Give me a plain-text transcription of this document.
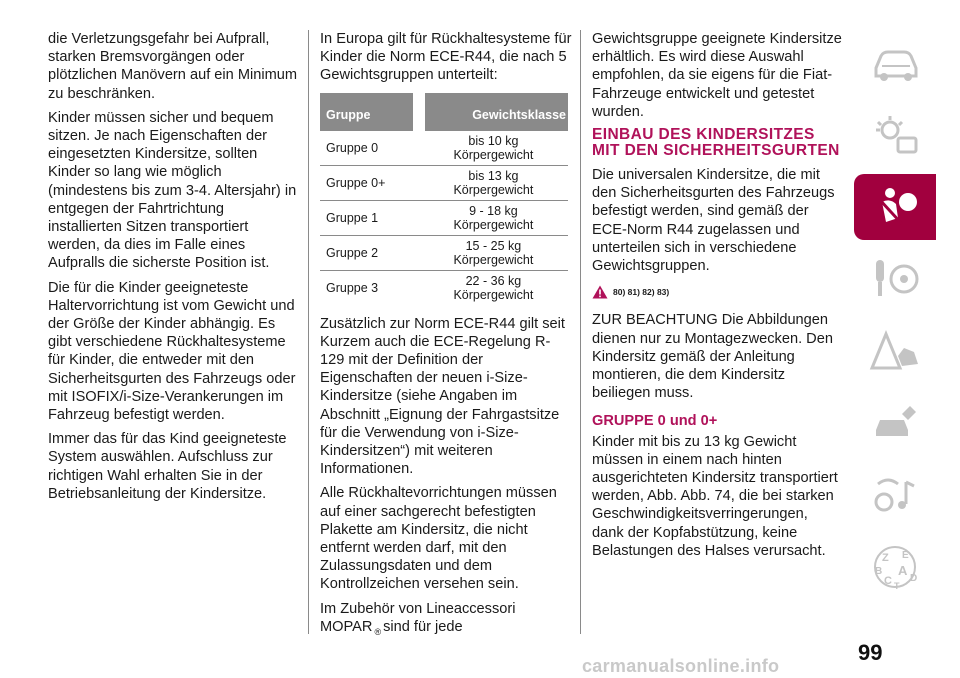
die Verletzungsgefahr bei Aufprall, starken Bremsvorgängen oder plötzlichen Manövern auf ein Minimum zu beschränken.

Kinder müssen sicher und bequem sitzen. Je nach Eigenschaften der eingesetzten Kindersitze, sollten Kinder so lang wie möglich (mindestens bis zum 3-4. Altersjahr) in entgegen der Fahrtrichtung installierten Sitzen transportiert werden, da dies im Falle eines Aufpralls die sicherste Position ist.

Die für die Kinder geeigneteste Haltervorrichtung ist vom Gewicht und der Größe der Kinder abhängig. Es gibt verschiedene Rückhaltesysteme für Kinder, die entweder mit den Sicherheitsgurten des Fahrzeugs oder mit ISOFIX/i-Size-Verankerungen im Fahrzeug befestigt werden.

Immer das für das Kind geeigneteste System auswählen. Aufschluss zur richtigen Wahl erhalten Sie in der Betriebsanleitung der Kindersitze.

In Europa gilt für Rückhaltesysteme für Kinder die Norm ECE-R44, die nach 5 Gewichtsgruppen unterteilt:

Gruppe	Gewichtsklasse
Gruppe 0	bis 10 kg
Körpergewicht
Gruppe 0+	bis 13 kg
Körpergewicht
Gruppe 1	9 - 18 kg
Körpergewicht
Gruppe 2	15 - 25 kg
Körpergewicht
Gruppe 3	22 - 36 kg
Körpergewicht

Zusätzlich zur Norm ECE-R44 gilt seit Kurzem auch die ECE-Regelung R-129 mit der Definition der Eigenschaften der neuen i-Size-Kindersitze (siehe Angaben im Abschnitt „Eignung der Fahrgastsitze für die Verwendung von i-Size-Kindersitzen“) mit weiteren Informationen.

Alle Rückhaltevorrichtungen müssen auf einer sachgerecht befestigten Plakette am Kindersitz, die nicht entfernt werden darf, mit den Zulassungsdaten und dem Kontrollzeichen versehen sein.

Im Zubehör von Lineaccessori MOPAR $_®$ sind für jede

Gewichtsgruppe geeignete Kindersitze erhältlich. Es wird diese Auswahl empfohlen, da sie eigens für die Fiat-Fahrzeuge entwickelt und getestet wurden.

EINBAU DES KINDERSITZES MIT DEN SICHERHEITSGURTEN

Die universalen Kindersitze, die mit den Sicherheitsgurten des Fahrzeugs befestigt werden, sind gemäß der ECE-Norm R44 zugelassen und unterteilen sich in verschiedene Gewichtsgruppen.

80) 81) 82) 83)

ZUR BEACHTUNG Die Abbildungen dienen nur zu Montagezwecken. Den Kindersitz gemäß der Anleitung montieren, die dem Kindersitz beiliegen muss.

GRUPPE 0 und 0+

Kinder mit bis zu 13 kg Gewicht müssen in einem nach hinten ausgerichteten Kindersitz transportiert werden, Abb. Abb. 74, die bei starken Geschwindigkeitsverringerungen, dank der Kopfabstützung, keine Belastungen des Halses verursacht.	Z E
B A
C D
T
99
carmanualsonline.info
